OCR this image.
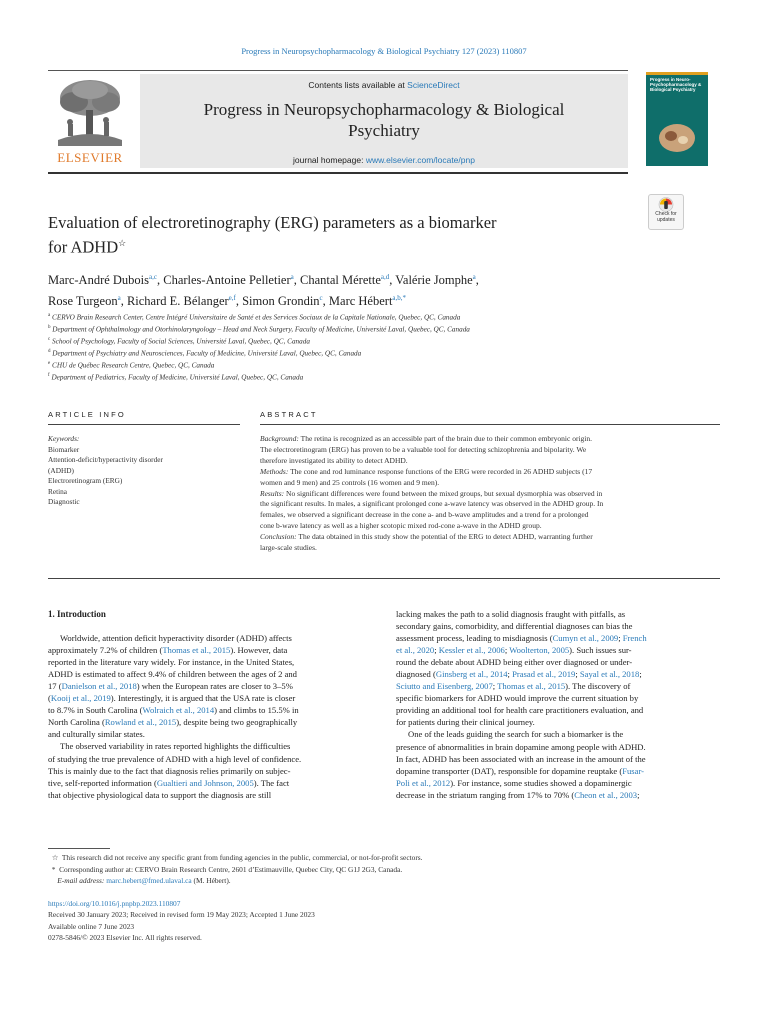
Progress in Neuropsychopharmacology & Biological Psychiatry 127 (2023) 110807
Contents lists available at ScienceDirect
Progress in Neuropsychopharmacology & Biological
Psychiatry
journal homepage: www.elsevier.com/locate/pnp
ELSEVIER
Progress in Neuro-Psychopharmacology & Biological Psychiatry
Evaluation of electroretinography (ERG) parameters as a biomarker
for ADHD☆
Check for updates
Marc-André Dubois$^{a,c}$, Charles-Antoine Pelletier$^a$, Chantal Mérette$^{a,d}$, Valérie Jomphe$^a$,
Rose Turgeon$^a$, Richard E. Bélanger$^{e,f}$, Simon Grondin$^c$, Marc Hébert$^{a,b,*}$
$^a$ CERVO Brain Research Center, Centre Intégré Universitaire de Santé et des Services Sociaux de la Capitale Nationale, Quebec, QC, Canada
$^b$ Department of Ophthalmology and Otorhinolaryngology – Head and Neck Surgery, Faculty of Medicine, Université Laval, Quebec, QC, Canada
$^c$ School of Psychology, Faculty of Social Sciences, Université Laval, Quebec, QC, Canada
$^d$ Department of Psychiatry and Neurosciences, Faculty of Medicine, Université Laval, Quebec, QC, Canada
$^e$ CHU de Québec Research Centre, Quebec, QC, Canada
$^f$ Department of Pediatrics, Faculty of Medicine, Université Laval, Quebec, QC, Canada
ARTICLE INFO	ABSTRACT
Keywords:
Biomarker
Attention-deficit/hyperactivity disorder
(ADHD)
Electroretinogram (ERG)
Retina
Diagnostic
Background: The retina is recognized as an accessible part of the brain due to their common embryonic origin.
The electroretinogram (ERG) has proven to be a valuable tool for detecting schizophrenia and bipolarity. We
therefore investigated its ability to detect ADHD.
Methods: The cone and rod luminance response functions of the ERG were recorded in 26 ADHD subjects (17
women and 9 men) and 25 controls (16 women and 9 men).
Results: No significant differences were found between the mixed groups, but sexual dysmorphia was observed in
the significant results. In males, a significant prolonged cone a-wave latency was observed in the ADHD group. In
females, we observed a significant decrease in the cone a- and b-wave amplitudes and a trend for a prolonged
cone b-wave latency as well as a higher scotopic mixed rod-cone a-wave in the ADHD group.
Conclusion: The data obtained in this study show the potential of the ERG to detect ADHD, warranting further
large-scale studies.
1. Introduction
Worldwide, attention deficit hyperactivity disorder (ADHD) affects
approximately 7.2% of children (Thomas et al., 2015). However, data
reported in the literature vary widely. For instance, in the United States,
ADHD is estimated to affect 9.4% of children between the ages of 2 and
17 (Danielson et al., 2018) when the European rates are closer to 3–5%
(Kooij et al., 2019). Interestingly, it is argued that the USA rate is closer
to 8.7% in South Carolina (Wolraich et al., 2014) and climbs to 15.5% in
North Carolina (Rowland et al., 2015), despite being two geographically
and culturally similar states.
The observed variability in rates reported highlights the difficulties
of studying the true prevalence of ADHD with a high level of confidence.
This is mainly due to the fact that diagnosis relies primarily on subjec-
tive, self-reported information (Gualtieri and Johnson, 2005). The fact
that objective physiological data to support the diagnosis are still
lacking makes the path to a solid diagnosis fraught with pitfalls, as
secondary gains, comorbidity, and differential diagnoses can bias the
assessment process, leading to misdiagnosis (Cumyn et al., 2009; French
et al., 2020; Kessler et al., 2006; Woolterton, 2005). Such issues sur-
round the debate about ADHD being either over diagnosed or under-
diagnosed (Ginsberg et al., 2014; Prasad et al., 2019; Sayal et al., 2018;
Sciutto and Eisenberg, 2007; Thomas et al., 2015). The discovery of
specific biomarkers for ADHD would improve the current situation by
providing an additional tool for health care practitioners evaluation, and
for patients during their clinical journey.
One of the leads guiding the search for such a biomarker is the
presence of abnormalities in brain dopamine among people with ADHD.
In fact, ADHD has been associated with an increase in the amount of the
dopamine transporter (DAT), responsible for dopamine reuptake (Fusar-
Poli et al., 2012). For instance, some studies showed a dopaminergic
decrease in the striatum ranging from 17% to 70% (Cheon et al., 2003;
☆ This research did not receive any specific grant from funding agencies in the public, commercial, or not-for-profit sectors.
* Corresponding author at: CERVO Brain Research Centre, 2601 d’Estimauville, Quebec City, QC G1J 2G3, Canada.
E-mail address: marc.hebert@fmed.ulaval.ca (M. Hébert).
https://doi.org/10.1016/j.pnpbp.2023.110807
Received 30 January 2023; Received in revised form 19 May 2023; Accepted 1 June 2023
Available online 7 June 2023
0278-5846/© 2023 Elsevier Inc. All rights reserved.
